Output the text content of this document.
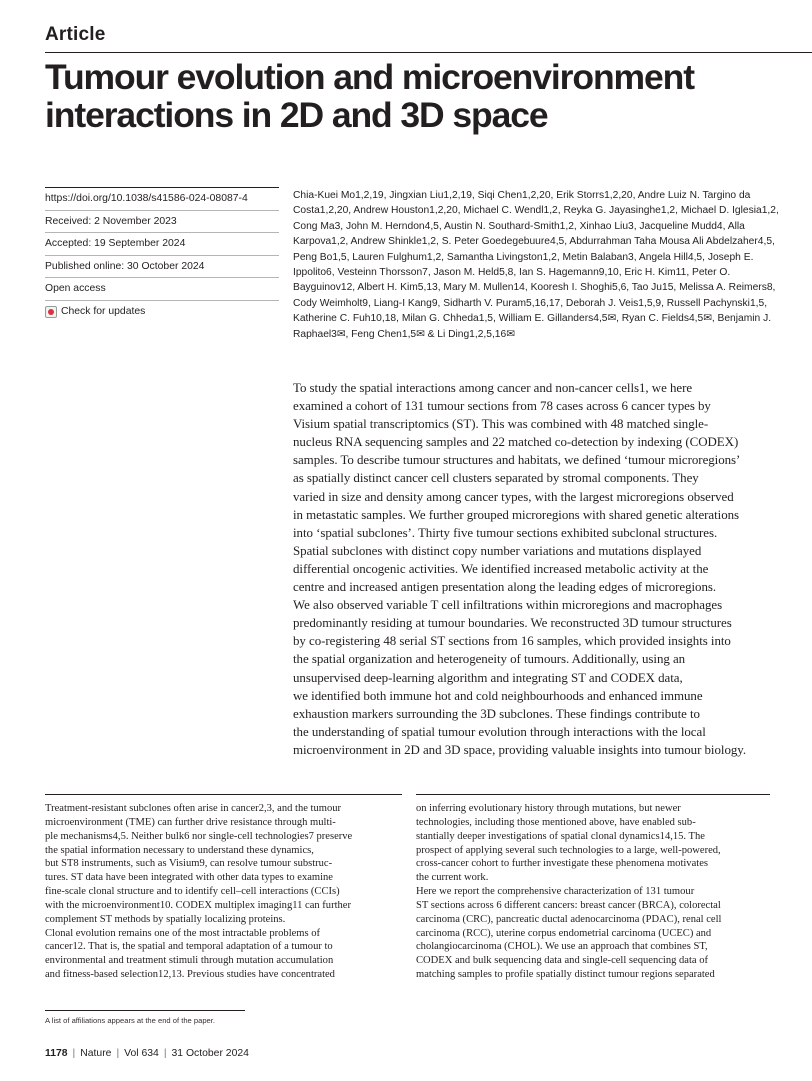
Article
Tumour evolution and microenvironment interactions in 2D and 3D space
https://doi.org/10.1038/s41586-024-08087-4
Received: 2 November 2023
Accepted: 19 September 2024
Published online: 30 October 2024
Open access
Check for updates
Chia-Kuei Mo1,2,19, Jingxian Liu1,2,19, Siqi Chen1,2,20, Erik Storrs1,2,20, Andre Luiz N. Targino da Costa1,2,20, Andrew Houston1,2,20, Michael C. Wendl1,2, Reyka G. Jayasinghe1,2, Michael D. Iglesia1,2, Cong Ma3, John M. Herndon4,5, Austin N. Southard-Smith1,2, Xinhao Liu3, Jacqueline Mudd4, Alla Karpova1,2, Andrew Shinkle1,2, S. Peter Goedegebuure4,5, Abdurrahman Taha Mousa Ali Abdelzaher4,5, Peng Bo1,5, Lauren Fulghum1,2, Samantha Livingston1,2, Metin Balaban3, Angela Hill4,5, Joseph E. Ippolito6, Vesteinn Thorsson7, Jason M. Held5,8, Ian S. Hagemann9,10, Eric H. Kim11, Peter O. Bayguinov12, Albert H. Kim5,13, Mary M. Mullen14, Kooresh I. Shoghi5,6, Tao Ju15, Melissa A. Reimers8, Cody Weimholt9, Liang-I Kang9, Sidharth V. Puram5,16,17, Deborah J. Veis1,5,9, Russell Pachynski1,5, Katherine C. Fuh10,18, Milan G. Chheda1,5, William E. Gillanders4,5✉, Ryan C. Fields4,5✉, Benjamin J. Raphael3✉, Feng Chen1,5✉ & Li Ding1,2,5,16✉
To study the spatial interactions among cancer and non-cancer cells1, we here
examined a cohort of 131 tumour sections from 78 cases across 6 cancer types by
Visium spatial transcriptomics (ST). This was combined with 48 matched single-
nucleus RNA sequencing samples and 22 matched co-detection by indexing (CODEX)
samples. To describe tumour structures and habitats, we defined ‘tumour microregions’
as spatially distinct cancer cell clusters separated by stromal components. They
varied in size and density among cancer types, with the largest microregions observed
in metastatic samples. We further grouped microregions with shared genetic alterations
into ‘spatial subclones’. Thirty five tumour sections exhibited subclonal structures.
Spatial subclones with distinct copy number variations and mutations displayed
differential oncogenic activities. We identified increased metabolic activity at the
centre and increased antigen presentation along the leading edges of microregions.
We also observed variable T cell infiltrations within microregions and macrophages
predominantly residing at tumour boundaries. We reconstructed 3D tumour structures
by co-registering 48 serial ST sections from 16 samples, which provided insights into
the spatial organization and heterogeneity of tumours. Additionally, using an
unsupervised deep-learning algorithm and integrating ST and CODEX data,
we identified both immune hot and cold neighbourhoods and enhanced immune
exhaustion markers surrounding the 3D subclones. These findings contribute to
the understanding of spatial tumour evolution through interactions with the local
microenvironment in 2D and 3D space, providing valuable insights into tumour biology.
Treatment-resistant subclones often arise in cancer2,3, and the tumour
microenvironment (TME) can further drive resistance through multi-
ple mechanisms4,5. Neither bulk6 nor single-cell technologies7 preserve
the spatial information necessary to understand these dynamics,
but ST8 instruments, such as Visium9, can resolve tumour substruc-
tures. ST data have been integrated with other data types to examine
fine-scale clonal structure and to identify cell–cell interactions (CCIs)
with the microenvironment10. CODEX multiplex imaging11 can further
complement ST methods by spatially localizing proteins.
Clonal evolution remains one of the most intractable problems of
cancer12. That is, the spatial and temporal adaptation of a tumour to
environmental and treatment stimuli through mutation accumulation
and fitness-based selection12,13. Previous studies have concentrated
on inferring evolutionary history through mutations, but newer
technologies, including those mentioned above, have enabled sub-
stantially deeper investigations of spatial clonal dynamics14,15. The
prospect of applying several such technologies to a large, well-powered,
cross-cancer cohort to further investigate these phenomena motivates
the current work.
Here we report the comprehensive characterization of 131 tumour
ST sections across 6 different cancers: breast cancer (BRCA), colorectal
carcinoma (CRC), pancreatic ductal adenocarcinoma (PDAC), renal cell
carcinoma (RCC), uterine corpus endometrial carcinoma (UCEC) and
cholangiocarcinoma (CHOL). We use an approach that combines ST,
CODEX and bulk sequencing data and single-cell sequencing data of
matching samples to profile spatially distinct tumour regions separated
A list of affiliations appears at the end of the paper.
1178 | Nature | Vol 634 | 31 October 2024
